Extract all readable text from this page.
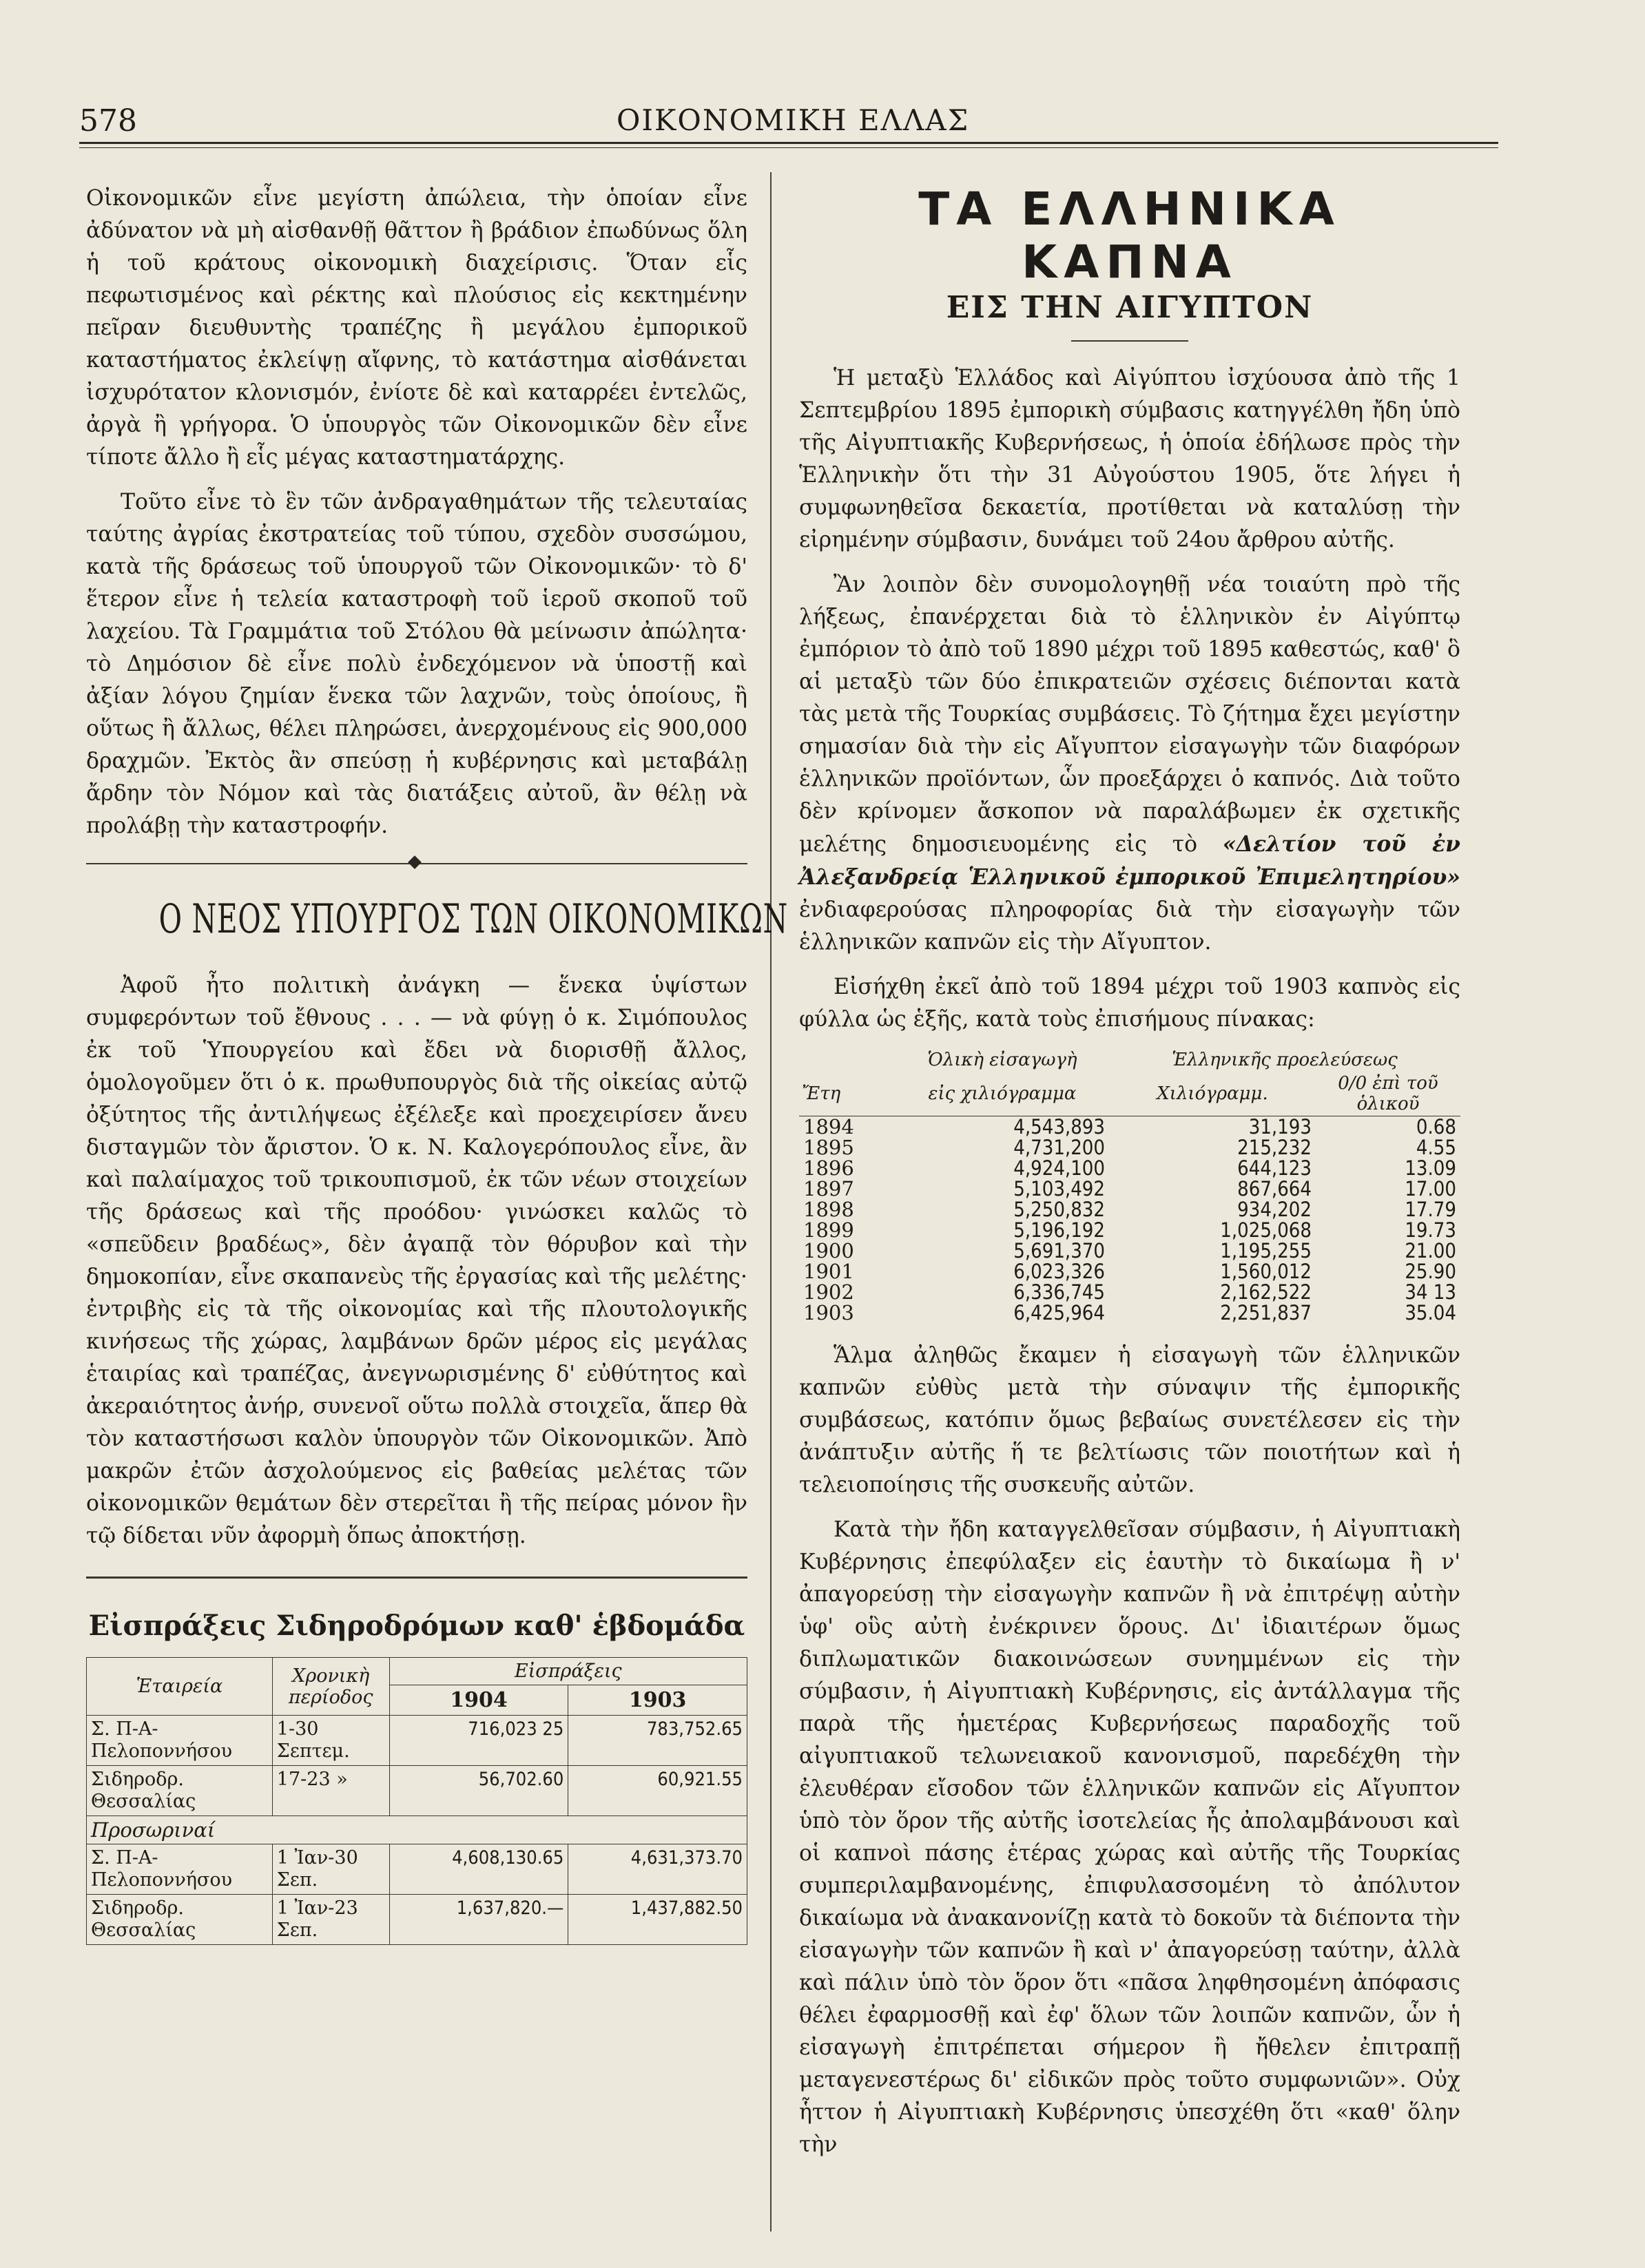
578	ΟΙΚΟΝΟΜΙΚΗ ΕΛΛΑΣ

Οἰκονομικῶν εἶνε μεγίστη ἀπώλεια, τὴν ὁποίαν εἶνε ἀδύνατον νὰ μὴ αἰσθανθῇ θᾶττον ἢ βράδιον ἐπωδύνως ὅλη ἡ τοῦ κράτους οἰκονομικὴ διαχείρισις. Ὅταν εἷς πεφωτισμένος καὶ ρέκτης καὶ πλούσιος εἰς κεκτημένην πεῖραν διευθυντὴς τραπέζης ἢ μεγάλου ἐμπορικοῦ καταστήματος ἐκλείψῃ αἴφνης, τὸ κατάστημα αἰσθάνεται ἰσχυρότατον κλονισμόν, ἐνίοτε δὲ καὶ καταρρέει ἐντελῶς, ἀργὰ ἢ γρήγορα. Ὁ ὑπουργὸς τῶν Οἰκονομικῶν δὲν εἶνε τίποτε ἄλλο ἢ εἷς μέγας καταστηματάρχης.

Τοῦτο εἶνε τὸ ἓν τῶν ἀνδραγαθημάτων τῆς τελευταίας ταύτης ἀγρίας ἐκστρατείας τοῦ τύπου, σχεδὸν συσσώμου, κατὰ τῆς δράσεως τοῦ ὑπουργοῦ τῶν Οἰκονομικῶν· τὸ δ' ἕτερον εἶνε ἡ τελεία καταστροφὴ τοῦ ἱεροῦ σκοποῦ τοῦ λαχείου. Τὰ Γραμμάτια τοῦ Στόλου θὰ μείνωσιν ἀπώλητα· τὸ Δημόσιον δὲ εἶνε πολὺ ἐνδεχόμενον νὰ ὑποστῇ καὶ ἀξίαν λόγου ζημίαν ἕνεκα τῶν λαχνῶν, τοὺς ὁποίους, ἢ οὕτως ἢ ἄλλως, θέλει πληρώσει, ἀνερχομένους εἰς 900,000 δραχμῶν. Ἐκτὸς ἂν σπεύσῃ ἡ κυβέρνησις καὶ μεταβάλῃ ἄρδην τὸν Νόμον καὶ τὰς διατάξεις αὐτοῦ, ἂν θέλῃ νὰ προλάβῃ τὴν καταστροφήν.

Ο ΝΕΟΣ ΥΠΟΥΡΓΟΣ ΤΩΝ ΟΙΚΟΝΟΜΙΚΩΝ

Ἀφοῦ ἦτο πολιτικὴ ἀνάγκη — ἕνεκα ὑψίστων συμφερόντων τοῦ ἔθνους . . . — νὰ φύγῃ ὁ κ. Σιμόπουλος ἐκ τοῦ Ὑπουργείου καὶ ἔδει νὰ διορισθῇ ἄλλος, ὁμολογοῦμεν ὅτι ὁ κ. πρωθυπουργὸς διὰ τῆς οἰκείας αὐτῷ ὀξύτητος τῆς ἀντιλήψεως ἐξέλεξε καὶ προεχειρίσεν ἄνευ δισταγμῶν τὸν ἄριστον. Ὁ κ. Ν. Καλογερόπουλος εἶνε, ἂν καὶ παλαίμαχος τοῦ τρικουπισμοῦ, ἐκ τῶν νέων στοιχείων τῆς δράσεως καὶ τῆς προόδου· γινώσκει καλῶς τὸ «σπεῦδειν βραδέως», δὲν ἀγαπᾷ τὸν θόρυβον καὶ τὴν δημοκοπίαν, εἶνε σκαπανεὺς τῆς ἐργασίας καὶ τῆς μελέτης· ἐντριβὴς εἰς τὰ τῆς οἰκονομίας καὶ τῆς πλουτολογικῆς κινήσεως τῆς χώρας, λαμβάνων δρῶν μέρος εἰς μεγάλας ἑταιρίας καὶ τραπέζας, ἀνεγνωρισμένης δ' εὐθύτητος καὶ ἀκεραιότητος ἀνήρ, συνενοῖ οὕτω πολλὰ στοιχεῖα, ἅπερ θὰ τὸν καταστήσωσι καλὸν ὑπουργὸν τῶν Οἰκονομικῶν. Ἀπὸ μακρῶν ἐτῶν ἀσχολούμενος εἰς βαθείας μελέτας τῶν οἰκονομικῶν θεμάτων δὲν στερεῖται ἢ τῆς πείρας μόνον ἣν τῷ δίδεται νῦν ἀφορμὴ ὅπως ἀποκτήσῃ.

Εἰσπράξεις Σιδηροδρόμων καθ' ἑβδομάδα
Ἑταιρεία	Χρονικὴ περίοδος	Εἰσπράξεις	
		1904	1903
Σ. Π-Α-Πελοποννήσου	1-30 Σεπτεμ.	716,023 25	783,752.65
Σιδηροδρ. Θεσσαλίας	17-23 »	56,702.60	60,921.55
Προσωριναί			
Σ. Π-Α-Πελοποννήσου	1 Ἰαν-30 Σεπ.	4,608,130.65	4,631,373.70
Σιδηροδρ. Θεσσαλίας	1 Ἰαν-23 Σεπ.	1,637,820.—	1,437,882.50
ΤΑ ΕΛΛΗΝΙΚΑ ΚΑΠΝΑ
ΕΙΣ ΤΗΝ ΑΙΓΥΠΤΟΝ

Ἡ μεταξὺ Ἑλλάδος καὶ Αἰγύπτου ἰσχύουσα ἀπὸ τῆς 1 Σεπτεμβρίου 1895 ἐμπορικὴ σύμβασις κατηγγέλθη ἤδη ὑπὸ τῆς Αἰγυπτιακῆς Κυβερνήσεως, ἡ ὁποία ἐδήλωσε πρὸς τὴν Ἑλληνικὴν ὅτι τὴν 31 Αὐγούστου 1905, ὅτε λήγει ἡ συμφωνηθεῖσα δεκαετία, προτίθεται νὰ καταλύσῃ τὴν εἰρημένην σύμβασιν, δυνάμει τοῦ 24ου ἄρθρου αὐτῆς.

Ἂν λοιπὸν δὲν συνομολογηθῇ νέα τοιαύτη πρὸ τῆς λήξεως, ἐπανέρχεται διὰ τὸ ἑλληνικὸν ἐν Αἰγύπτῳ ἐμπόριον τὸ ἀπὸ τοῦ 1890 μέχρι τοῦ 1895 καθεστώς, καθ' ὃ αἱ μεταξὺ τῶν δύο ἐπικρατειῶν σχέσεις διέπονται κατὰ τὰς μετὰ τῆς Τουρκίας συμβάσεις. Τὸ ζήτημα ἔχει μεγίστην σημασίαν διὰ τὴν εἰς Αἴγυπτον εἰσαγωγὴν τῶν διαφόρων ἑλληνικῶν προϊόντων, ὧν προεξάρχει ὁ καπνός. Διὰ τοῦτο δὲν κρίνομεν ἄσκοπον νὰ παραλάβωμεν ἐκ σχετικῆς μελέτης δημοσιευομένης εἰς τὸ «Δελτίον τοῦ ἐν Ἀλεξανδρείᾳ Ἑλληνικοῦ ἐμπορικοῦ Ἐπιμελητηρίου» ἐνδιαφερούσας πληροφορίας διὰ τὴν εἰσαγωγὴν τῶν ἑλληνικῶν καπνῶν εἰς τὴν Αἴγυπτον.

Εἰσήχθη ἐκεῖ ἀπὸ τοῦ 1894 μέχρι τοῦ 1903 καπνὸς εἰς φύλλα ὡς ἑξῆς, κατὰ τοὺς ἐπισήμους πίνακας:

	Ὁλικὴ εἰσαγωγὴ	Ἑλληνικῆς προελεύσεως	
Ἔτη	εἰς χιλιόγραμμα	Χιλιόγραμμ.	0/0 ἐπὶ τοῦ ὁλικοῦ
1894	4,543,893	31,193	0.68
1895	4,731,200	215,232	4.55
1896	4,924,100	644,123	13.09
1897	5,103,492	867,664	17.00
1898	5,250,832	934,202	17.79
1899	5,196,192	1,025,068	19.73
1900	5,691,370	1,195,255	21.00
1901	6,023,326	1,560,012	25.90
1902	6,336,745	2,162,522	34 13
1903	6,425,964	2,251,837	35.04

Ἅλμα ἀληθῶς ἔκαμεν ἡ εἰσαγωγὴ τῶν ἑλληνικῶν καπνῶν εὐθὺς μετὰ τὴν σύναψιν τῆς ἐμπορικῆς συμβάσεως, κατόπιν ὅμως βεβαίως συνετέλεσεν εἰς τὴν ἀνάπτυξιν αὐτῆς ἥ τε βελτίωσις τῶν ποιοτήτων καὶ ἡ τελειοποίησις τῆς συσκευῆς αὐτῶν.

Κατὰ τὴν ἤδη καταγγελθεῖσαν σύμβασιν, ἡ Αἰγυπτιακὴ Κυβέρνησις ἐπεφύλαξεν εἰς ἑαυτὴν τὸ δικαίωμα ἢ ν' ἀπαγορεύσῃ τὴν εἰσαγωγὴν καπνῶν ἢ νὰ ἐπιτρέψῃ αὐτὴν ὑφ' οὓς αὐτὴ ἐνέκρινεν ὅρους. Δι' ἰδιαιτέρων ὅμως διπλωματικῶν διακοινώσεων συνημμένων εἰς τὴν σύμβασιν, ἡ Αἰγυπτιακὴ Κυβέρνησις, εἰς ἀντάλλαγμα τῆς παρὰ τῆς ἡμετέρας Κυβερνήσεως παραδοχῆς τοῦ αἰγυπτιακοῦ τελωνειακοῦ κανονισμοῦ, παρεδέχθη τὴν ἐλευθέραν εἴσοδον τῶν ἑλληνικῶν καπνῶν εἰς Αἴγυπτον ὑπὸ τὸν ὅρον τῆς αὐτῆς ἰσοτελείας ἧς ἀπολαμβάνουσι καὶ οἱ καπνοὶ πάσης ἑτέρας χώρας καὶ αὐτῆς τῆς Τουρκίας συμπεριλαμβανομένης, ἐπιφυλασσομένη τὸ ἀπόλυτον δικαίωμα νὰ ἀνακανονίζῃ κατὰ τὸ δοκοῦν τὰ διέποντα τὴν εἰσαγωγὴν τῶν καπνῶν ἢ καὶ ν' ἀπαγορεύσῃ ταύτην, ἀλλὰ καὶ πάλιν ὑπὸ τὸν ὅρον ὅτι «πᾶσα ληφθησομένη ἀπόφασις θέλει ἐφαρμοσθῇ καὶ ἐφ' ὅλων τῶν λοιπῶν καπνῶν, ὧν ἡ εἰσαγωγὴ ἐπιτρέπεται σήμερον ἢ ἤθελεν ἐπιτραπῇ μεταγενεστέρως δι' εἰδικῶν πρὸς τοῦτο συμφωνιῶν». Οὐχ ἧττον ἡ Αἰγυπτιακὴ Κυβέρνησις ὑπεσχέθη ὅτι «καθ' ὅλην τὴν
